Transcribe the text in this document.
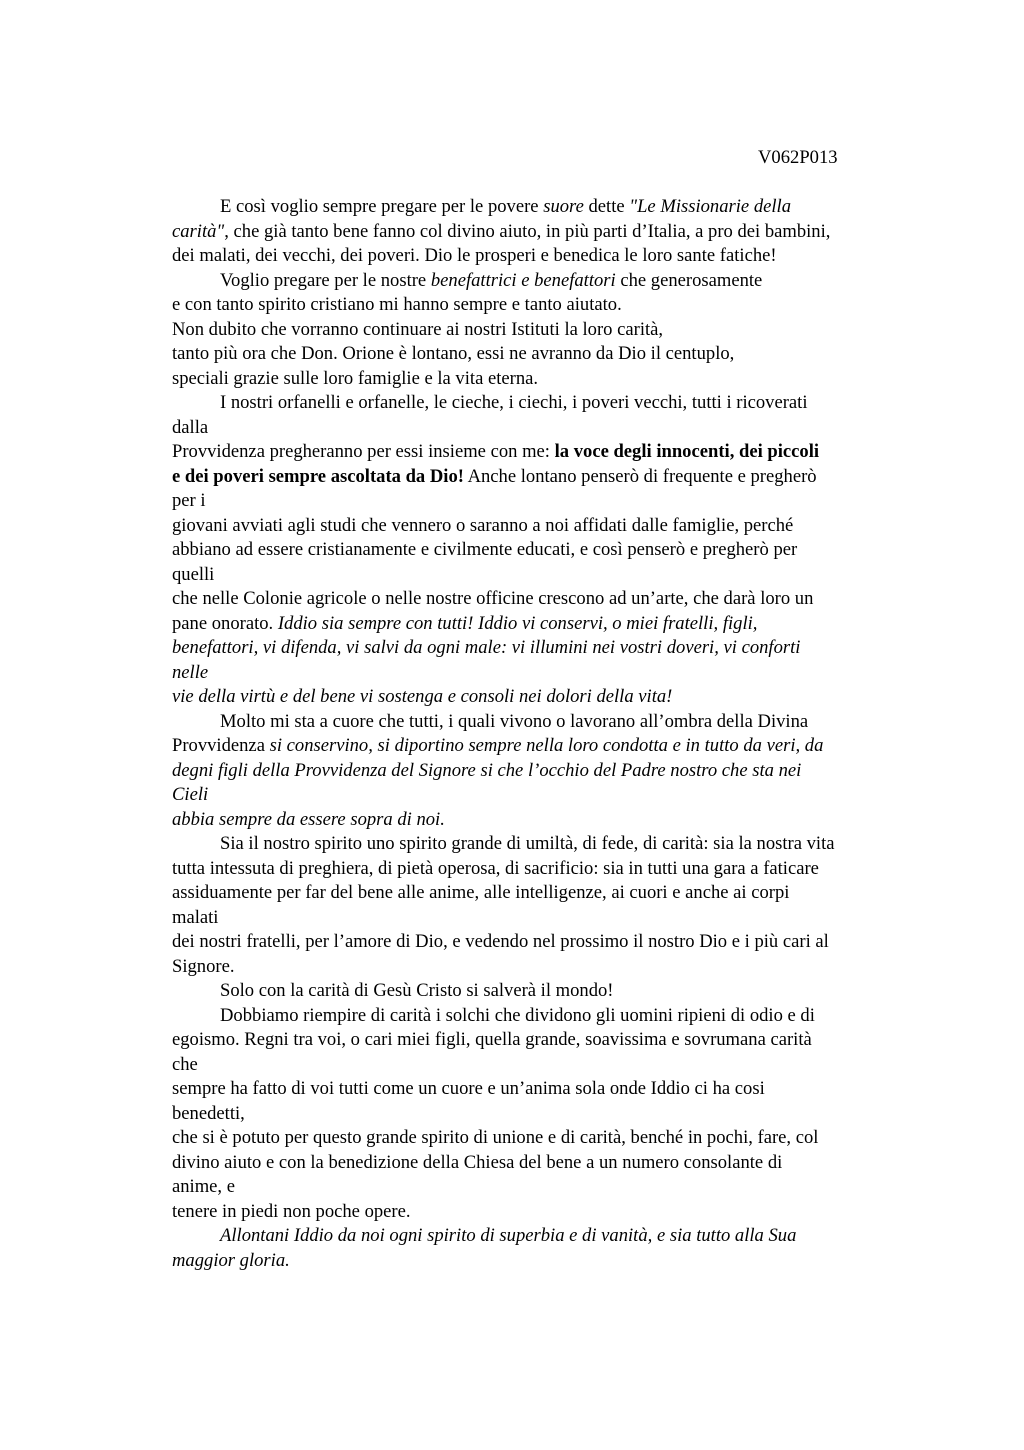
V062P013
E così voglio sempre pregare per le povere suore dette "Le Missionarie della
carità", che già tanto bene fanno col divino aiuto, in più parti d’Italia, a pro dei bambini,
dei malati, dei vecchi, dei poveri. Dio le prosperi e benedica le loro sante fatiche!
Voglio pregare per le nostre benefattrici e benefattori che generosamente
e con tanto spirito cristiano mi hanno sempre e tanto aiutato.
Non dubito che vorranno continuare ai nostri Istituti la loro carità,
tanto più ora che Don. Orione è lontano, essi ne avranno da Dio il centuplo,
speciali grazie sulle loro famiglie e la vita eterna.
I nostri orfanelli e orfanelle, le cieche, i ciechi, i poveri vecchi, tutti i ricoverati
dalla
Provvidenza pregheranno per essi insieme con me: la voce degli innocenti, dei piccoli
e dei poveri sempre ascoltata da Dio! Anche lontano penserò di frequente e pregherò
per i
giovani avviati agli studi che vennero o saranno a noi affidati dalle famiglie, perché
abbiano ad essere cristianamente e civilmente educati, e così penserò e pregherò per
quelli
che nelle Colonie agricole o nelle nostre officine crescono ad un’arte, che darà loro un
pane onorato. Iddio sia sempre con tutti! Iddio vi conservi, o miei fratelli, figli,
benefattori, vi difenda, vi salvi da ogni male: vi illumini nei vostri doveri, vi conforti
nelle
vie della virtù e del bene vi sostenga e consoli nei dolori della vita!
Molto mi sta a cuore che tutti, i quali vivono o lavorano all’ombra della Divina
Provvidenza si conservino, si diportino sempre nella loro condotta e in tutto da veri, da
degni figli della Provvidenza del Signore si che l’occhio del Padre nostro che sta nei
Cieli
abbia sempre da essere sopra di noi.
Sia il nostro spirito uno spirito grande di umiltà, di fede, di carità: sia la nostra vita
tutta intessuta di preghiera, di pietà operosa, di sacrificio: sia in tutti una gara a faticare
assiduamente per far del bene alle anime, alle intelligenze, ai cuori e anche ai corpi
malati
dei nostri fratelli, per l’amore di Dio, e vedendo nel prossimo il nostro Dio e i più cari al
Signore.
Solo con la carità di Gesù Cristo si salverà il mondo!
Dobbiamo riempire di carità i solchi che dividono gli uomini ripieni di odio e di
egoismo. Regni tra voi, o cari miei figli, quella grande, soavissima e sovrumana carità
che
sempre ha fatto di voi tutti come un cuore e un’anima sola onde Iddio ci ha cosi
benedetti,
che si è potuto per questo grande spirito di unione e di carità, benché in pochi, fare, col
divino aiuto e con la benedizione della Chiesa del bene a un numero consolante di
anime, e
tenere in piedi non poche opere.
Allontani Iddio da noi ogni spirito di superbia e di vanità, e sia tutto alla Sua
maggior gloria.
